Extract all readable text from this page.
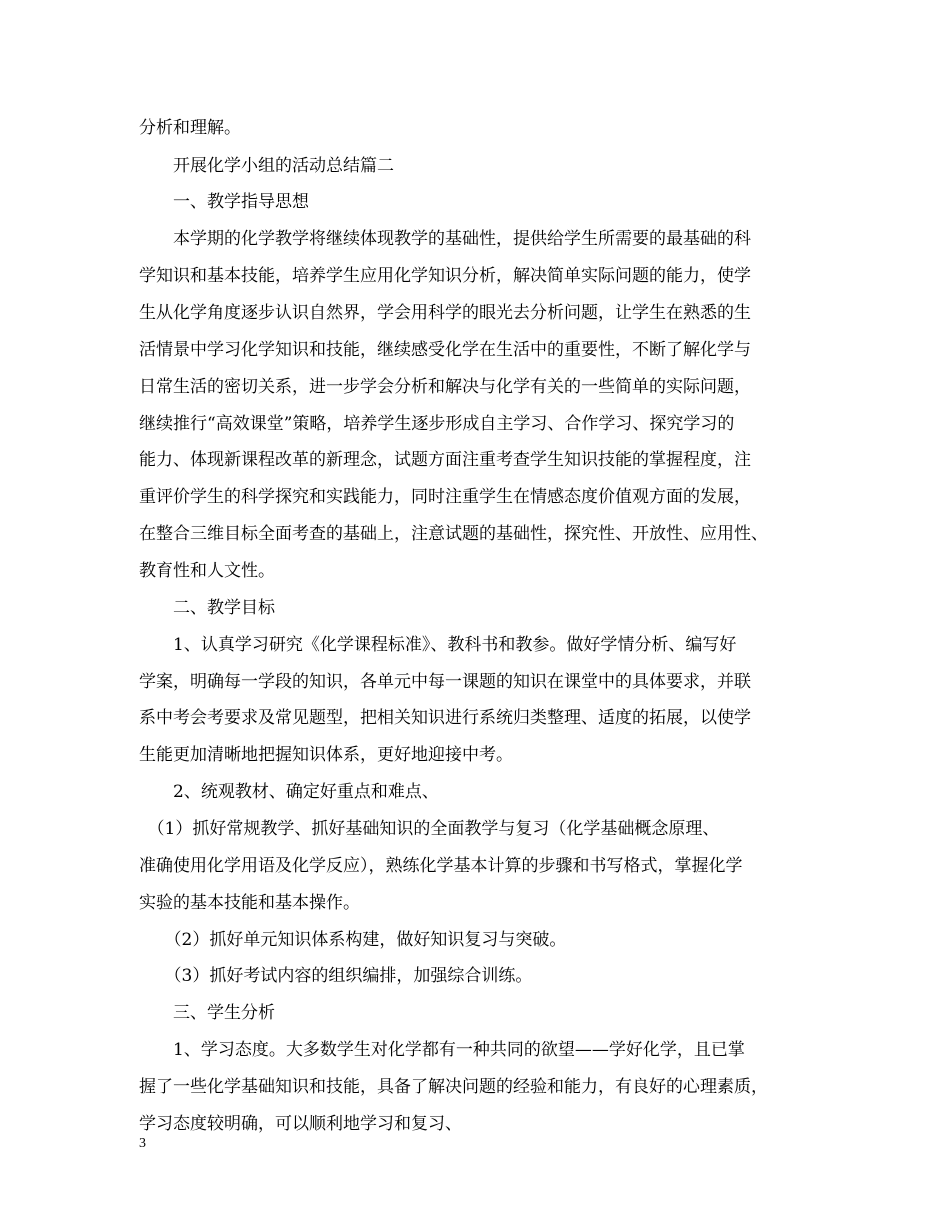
分析和理解。
　　开展化学小组的活动总结篇二
　　一、教学指导思想
　　本学期的化学教学将继续体现教学的基础性，提供给学生所需要的最基础的科
学知识和基本技能，培养学生应用化学知识分析，解决简单实际问题的能力，使学
生从化学角度逐步认识自然界，学会用科学的眼光去分析问题，让学生在熟悉的生
活情景中学习化学知识和技能，继续感受化学在生活中的重要性，不断了解化学与
日常生活的密切关系，进一步学会分析和解决与化学有关的一些简单的实际问题，
继续推行“高效课堂”策略，培养学生逐步形成自主学习、合作学习、探究学习的
能力、体现新课程改革的新理念，试题方面注重考查学生知识技能的掌握程度，注
重评价学生的科学探究和实践能力，同时注重学生在情感态度价值观方面的发展，
在整合三维目标全面考查的基础上，注意试题的基础性，探究性、开放性、应用性、
教育性和人文性。
　　二、教学目标
　　1、认真学习研究《化学课程标准》、教科书和教参。做好学情分析、编写好
学案，明确每一学段的知识，各单元中每一课题的知识在课堂中的具体要求，并联
系中考会考要求及常见题型，把相关知识进行系统归类整理、适度的拓展，以使学
生能更加清晰地把握知识体系，更好地迎接中考。
　　2、统观教材、确定好重点和难点、
　（1）抓好常规教学、抓好基础知识的全面教学与复习（化学基础概念原理、
准确使用化学用语及化学反应），熟练化学基本计算的步骤和书写格式，掌握化学
实验的基本技能和基本操作。
　　（2）抓好单元知识体系构建，做好知识复习与突破。
　　（3）抓好考试内容的组织编排，加强综合训练。
　　三、学生分析
　　1、学习态度。大多数学生对化学都有一种共同的欲望——学好化学，且已掌
握了一些化学基础知识和技能，具备了解决问题的经验和能力，有良好的心理素质，
学习态度较明确，可以顺利地学习和复习、
3
